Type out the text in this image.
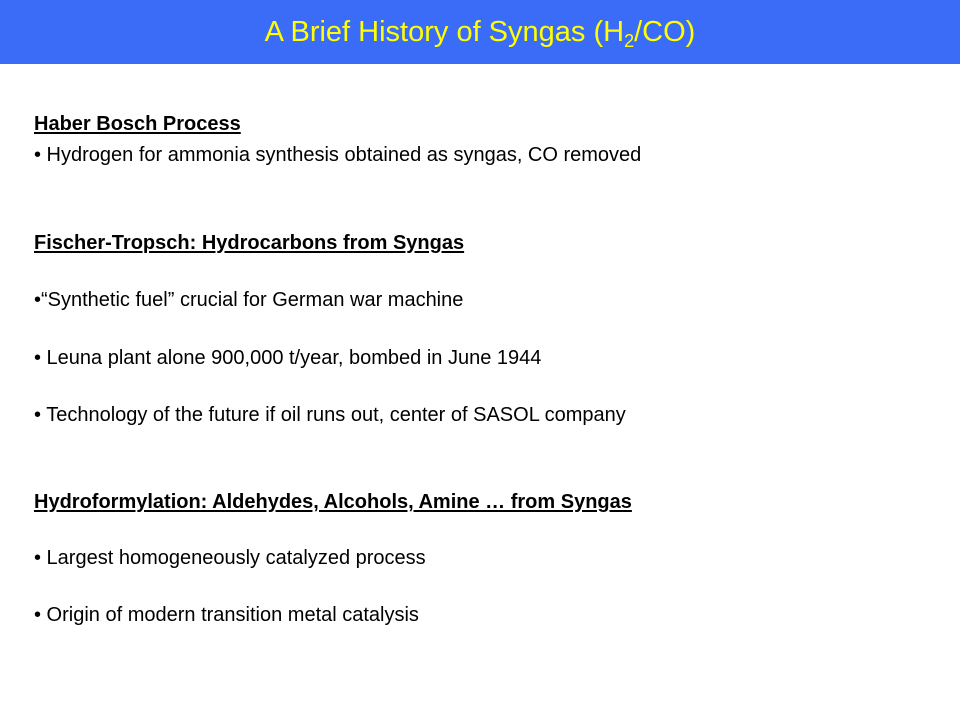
A Brief History of Syngas $(H_2/CO)$
Haber Bosch Process
• Hydrogen for ammonia synthesis obtained as syngas, CO removed
Fischer-Tropsch: Hydrocarbons from Syngas
•“Synthetic fuel” crucial for German war machine
• Leuna plant alone 900,000 t/year, bombed in June 1944
• Technology of the future if oil runs out, center of SASOL company
Hydroformylation: Aldehydes, Alcohols, Amine … from Syngas
• Largest homogeneously catalyzed process
• Origin of modern transition metal catalysis
